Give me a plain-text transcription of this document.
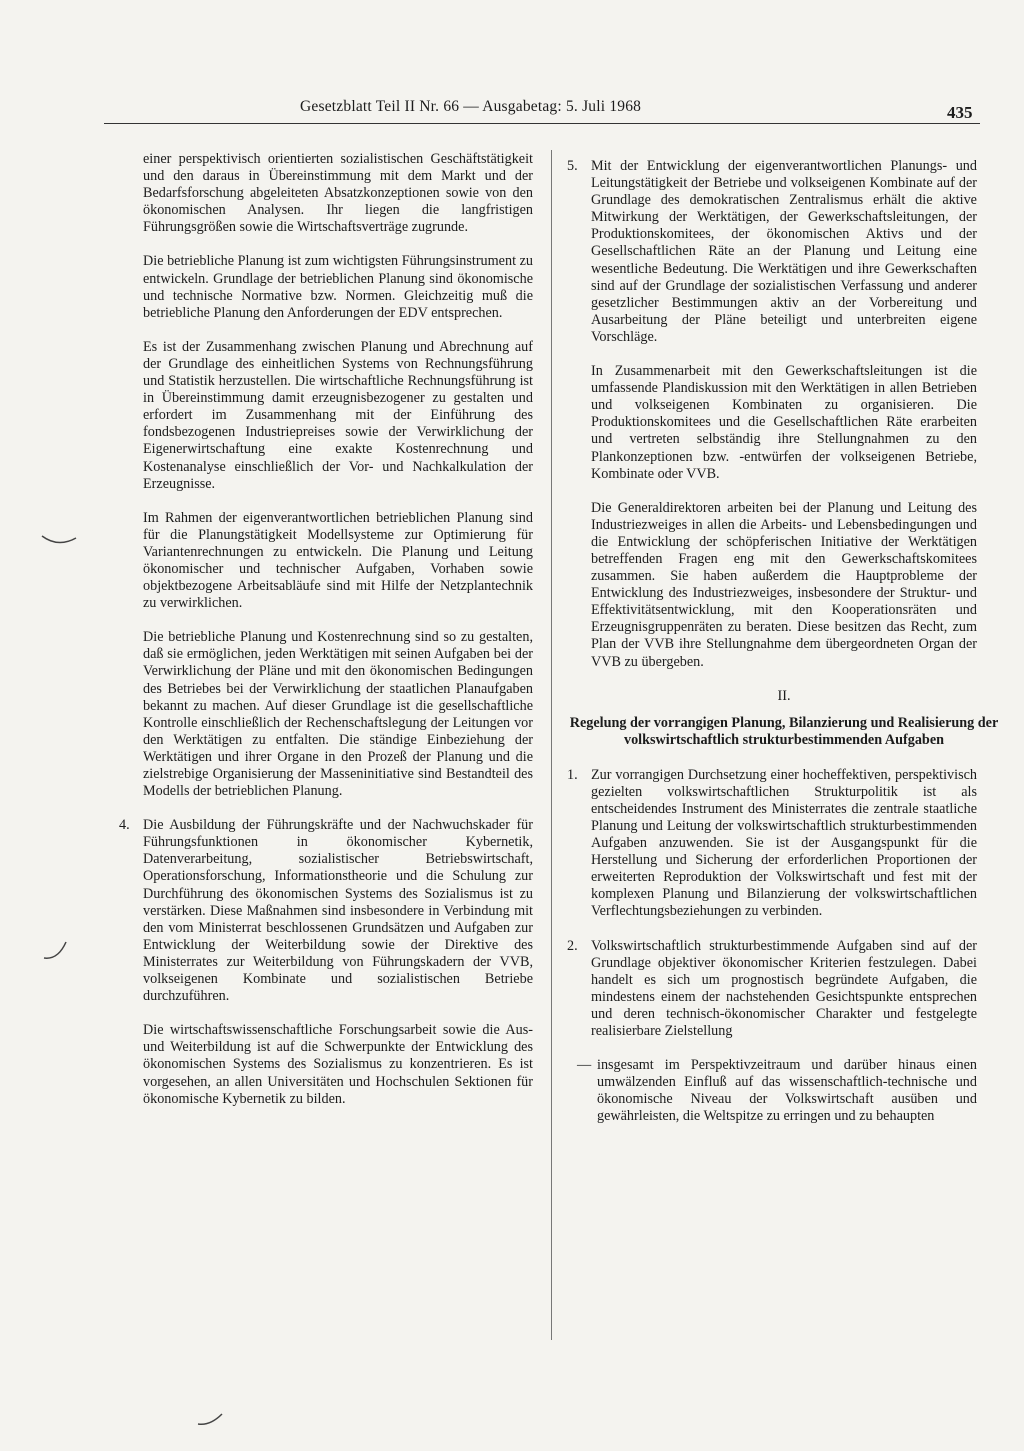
Gesetzblatt Teil II Nr. 66 — Ausgabetag: 5. Juli 1968	435

einer perspektivisch orientierten sozialistischen Geschäftstätigkeit und den daraus in Übereinstimmung mit dem Markt und der Bedarfsforschung abgeleiteten Absatzkonzeptionen sowie von den ökonomischen Analysen. Ihr liegen die langfristigen Führungsgrößen sowie die Wirtschaftsverträge zugrunde.

Die betriebliche Planung ist zum wichtigsten Führungsinstrument zu entwickeln. Grundlage der betrieblichen Planung sind ökonomische und technische Normative bzw. Normen. Gleichzeitig muß die betriebliche Planung den Anforderungen der EDV entsprechen.

Es ist der Zusammenhang zwischen Planung und Abrechnung auf der Grundlage des einheitlichen Systems von Rechnungsführung und Statistik herzustellen. Die wirtschaftliche Rechnungsführung ist in Übereinstimmung damit erzeugnisbezogener zu gestalten und erfordert im Zusammenhang mit der Einführung des fondsbezogenen Industriepreises sowie der Verwirklichung der Eigenerwirtschaftung eine exakte Kostenrechnung und Kostenanalyse einschließlich der Vor- und Nachkalkulation der Erzeugnisse.

Im Rahmen der eigenverantwortlichen betrieblichen Planung sind für die Planungstätigkeit Modellsysteme zur Optimierung für Variantenrechnungen zu entwickeln. Die Planung und Leitung ökonomischer und technischer Aufgaben, Vorhaben sowie objektbezogene Arbeitsabläufe sind mit Hilfe der Netzplantechnik zu verwirklichen.

Die betriebliche Planung und Kostenrechnung sind so zu gestalten, daß sie ermöglichen, jeden Werktätigen mit seinen Aufgaben bei der Verwirklichung der Pläne und mit den ökonomischen Bedingungen des Betriebes bei der Verwirklichung der staatlichen Planaufgaben bekannt zu machen. Auf dieser Grundlage ist die gesellschaftliche Kontrolle einschließlich der Rechenschaftslegung der Leitungen vor den Werktätigen zu entfalten. Die ständige Einbeziehung der Werktätigen und ihrer Organe in den Prozeß der Planung und die zielstrebige Organisierung der Masseninitiative sind Bestandteil des Modells der betrieblichen Planung.

4. Die Ausbildung der Führungskräfte und der Nachwuchskader für Führungsfunktionen in ökonomischer Kybernetik, Datenverarbeitung, sozialistischer Betriebswirtschaft, Operationsforschung, Informationstheorie und die Schulung zur Durchführung des ökonomischen Systems des Sozialismus ist zu verstärken. Diese Maßnahmen sind insbesondere in Verbindung mit den vom Ministerrat beschlossenen Grundsätzen und Aufgaben zur Entwicklung der Weiterbildung sowie der Direktive des Ministerrates zur Weiterbildung von Führungskadern der VVB, volkseigenen Kombinate und sozialistischen Betriebe durchzuführen.

Die wirtschaftswissenschaftliche Forschungsarbeit sowie die Aus- und Weiterbildung ist auf die Schwerpunkte der Entwicklung des ökonomischen Systems des Sozialismus zu konzentrieren. Es ist vorgesehen, an allen Universitäten und Hochschulen Sektionen für ökonomische Kybernetik zu bilden.

5. Mit der Entwicklung der eigenverantwortlichen Planungs- und Leitungstätigkeit der Betriebe und volkseigenen Kombinate auf der Grundlage des demokratischen Zentralismus erhält die aktive Mitwirkung der Werktätigen, der Gewerkschaftsleitungen, der Produktionskomitees, der ökonomischen Aktivs und der Gesellschaftlichen Räte an der Planung und Leitung eine wesentliche Bedeutung. Die Werktätigen und ihre Gewerkschaften sind auf der Grundlage der sozialistischen Verfassung und anderer gesetzlicher Bestimmungen aktiv an der Vorbereitung und Ausarbeitung der Pläne beteiligt und unterbreiten eigene Vorschläge.

In Zusammenarbeit mit den Gewerkschaftsleitungen ist die umfassende Plandiskussion mit den Werktätigen in allen Betrieben und volkseigenen Kombinaten zu organisieren. Die Produktionskomitees und die Gesellschaftlichen Räte erarbeiten und vertreten selbständig ihre Stellungnahmen zu den Plankonzeptionen bzw. -entwürfen der volkseigenen Betriebe, Kombinate oder VVB.

Die Generaldirektoren arbeiten bei der Planung und Leitung des Industriezweiges in allen die Arbeits- und Lebensbedingungen und die Entwicklung der schöpferischen Initiative der Werktätigen betreffenden Fragen eng mit den Gewerkschaftskomitees zusammen. Sie haben außerdem die Hauptprobleme der Entwicklung des Industriezweiges, insbesondere der Struktur- und Effektivitätsentwicklung, mit den Kooperationsräten und Erzeugnisgruppenräten zu beraten. Diese besitzen das Recht, zum Plan der VVB ihre Stellungnahme dem übergeordneten Organ der VVB zu übergeben.

II.
Regelung der vorrangigen Planung, Bilanzierung und Realisierung der volkswirtschaftlich strukturbestimmenden Aufgaben
1. Zur vorrangigen Durchsetzung einer hocheffektiven, perspektivisch gezielten volkswirtschaftlichen Strukturpolitik ist als entscheidendes Instrument des Ministerrates die zentrale staatliche Planung und Leitung der volkswirtschaftlich strukturbestimmenden Aufgaben anzuwenden. Sie ist der Ausgangspunkt für die Herstellung und Sicherung der erforderlichen Proportionen der erweiterten Reproduktion der Volkswirtschaft und fest mit der komplexen Planung und Bilanzierung der volkswirtschaftlichen Verflechtungsbeziehungen zu verbinden.

2. Volkswirtschaftlich strukturbestimmende Aufgaben sind auf der Grundlage objektiver ökonomischer Kriterien festzulegen. Dabei handelt es sich um prognostisch begründete Aufgaben, die mindestens einem der nachstehenden Gesichtspunkte entsprechen und deren technisch-ökonomischer Charakter und festgelegte realisierbare Zielstellung

— insgesamt im Perspektivzeitraum und darüber hinaus einen umwälzenden Einfluß auf das wissenschaftlich-technische und ökonomische Niveau der Volkswirtschaft ausüben und gewährleisten, die Weltspitze zu erringen und zu behaupten
